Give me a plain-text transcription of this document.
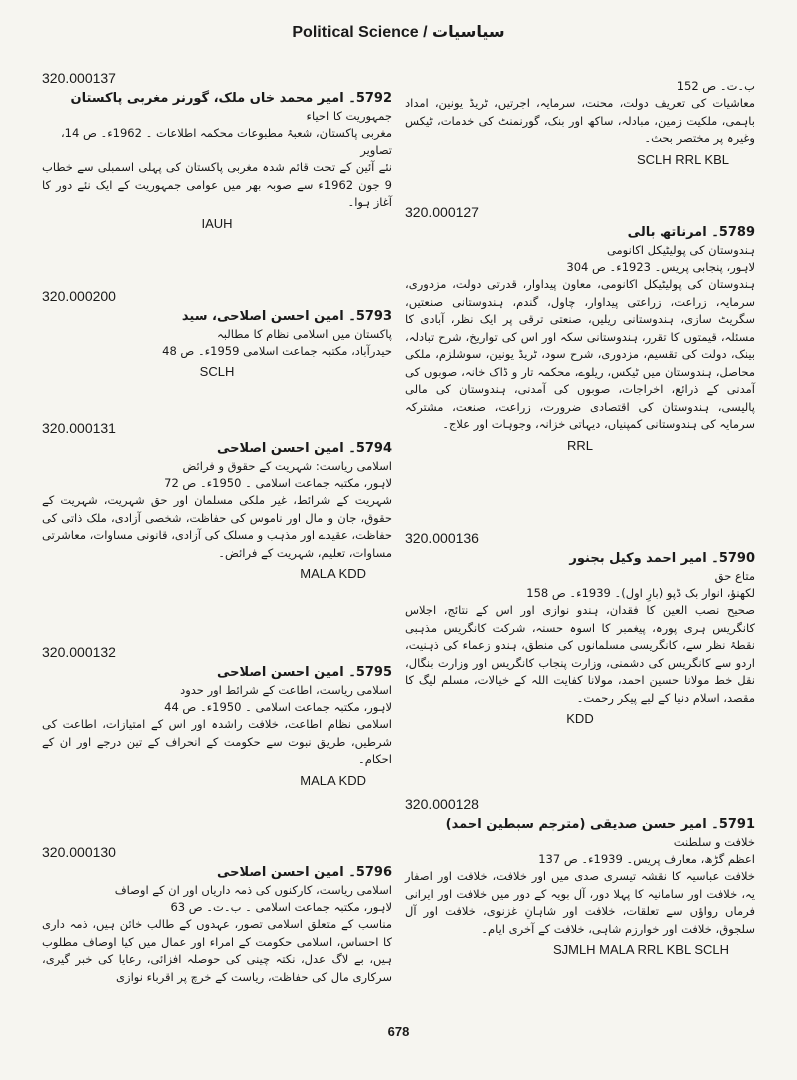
Political Science / سیاسیات
320.000137
5792۔ امیر محمد خاں ملک، گورنر مغربی پاکستان
جمہوریت کا احیاء
مغربی پاکستان، شعبۂ مطبوعات محکمہ اطلاعات ۔ 1962ء۔ ص 14،
تصاویر
نئے آئین کے تحت قائم شدہ مغربی پاکستان کی پہلی اسمبلی سے خطاب 9 جون 1962ء سے صوبہ بھر میں عوامی جمہوریت کے ایک نئے دور کا آغاز ہوا۔
IAUH
320.000200
5793۔ امین احسن اصلاحی، سید
پاکستان میں اسلامی نظام کا مطالبہ
حیدرآباد، مکتبہ جماعت اسلامی 1959ء۔ ص 48
SCLH
320.000131
5794۔ امین احسن اصلاحی
اسلامی ریاست: شہریت کے حقوق و فرائض
لاہور، مکتبہ جماعت اسلامی ۔ 1950ء۔ ص 72
شہریت کے شرائط، غیر ملکی مسلمان اور حق شہریت، شہریت کے حقوق، جان و مال اور ناموس کی حفاظت، شخصی آزادی، ملک ذاتی کی حفاظت، عقیدے اور مذہب و مسلک کی آزادی، قانونی مساوات، معاشرتی مساوات، تعلیم، شہریت کے فرائض۔
MALA KDD
320.000132
5795۔ امین احسن اصلاحی
اسلامی ریاست، اطاعت کے شرائط اور حدود
لاہور، مکتبہ جماعت اسلامی ۔ 1950ء۔ ص 44
اسلامی نظام اطاعت، خلافت راشدہ اور اس کے امتیازات، اطاعت کی شرطیں، طریق نبوت سے حکومت کے انحراف کے تین درجے اور ان کے احکام۔
MALA KDD
320.000130
5796۔ امین احسن اصلاحی
اسلامی ریاست، کارکنوں کی ذمہ داریاں اور ان کے اوصاف
لاہور، مکتبہ جماعت اسلامی ۔ ب۔ت۔ ص 63
مناسب کے متعلق اسلامی تصور، عہدوں کے طالب خائن ہیں، ذمہ داری کا احساس، اسلامی حکومت کے امراء اور عمال میں کیا اوصاف مطلوب ہیں، بے لاگ عدل، نکتہ چینی کی حوصلہ افزائی، رعایا کی خبر گیری، سرکاری مال کی حفاظت، ریاست کے خرچ پر اقرباء نوازی
ب۔ت۔ ص 152
معاشیات کی تعریف دولت، محنت، سرمایہ، اجرتیں، ٹریڈ یونین، امداد باہمی، ملکیت زمین، مبادلہ، ساکھ اور بنک، گورنمنٹ کی خدمات، ٹیکس وغیرہ پر مختصر بحث۔
SCLH RRL KBL
320.000127
5789۔ امرناتھ بالی
ہندوستان کی پولیٹیکل اکانومی
لاہور، پنجابی پریس۔ 1923ء۔ ص 304
ہندوستان کی پولیٹیکل اکانومی، معاون پیداوار، قدرتی دولت، مزدوری، سرمایہ، زراعت، زراعتی پیداوار، چاول، گندم، ہندوستانی صنعتیں، سگریٹ سازی، ہندوستانی ریلیں، صنعتی ترقی پر ایک نظر، آبادی کا مسئلہ، قیمتوں کا تقرر، ہندوستانی سکہ اور اس کی تواریخ، شرح تبادلہ، بینک، دولت کی تقسیم، مزدوری، شرح سود، ٹریڈ یونین، سوشلزم، ملکی محاصل، ہندوستان میں ٹیکس، ریلوے، محکمہ تار و ڈاک خانہ، صوبوں کی آمدنی کے ذرائع، اخراجات، صوبوں کی آمدنی، ہندوستان کی مالی پالیسی، ہندوستان کی اقتصادی ضرورت، زراعت، صنعت، مشترکہ سرمایہ کی ہندوستانی کمپنیاں، دیہاتی خزانہ، وجوہات اور علاج۔
RRL
320.000136
5790۔ امیر احمد وکیل بجنور
متاع حق
لکھنؤ، انوار بک ڈپو (بارِ اول)۔ 1939ء۔ ص 158
صحیح نصب العین کا فقدان، ہندو نوازی اور اس کے نتائج، اجلاس کانگریس ہری پورہ، پیغمبر کا اسوہ حسنہ، شرکت کانگریس مذہبی نقطۂ نظر سے، کانگریسی مسلمانوں کی منطق، ہندو زعماء کی ذہنیت، اردو سے کانگریس کی دشمنی، وزارت پنجاب کانگریس اور وزارت بنگال، نقل خط مولانا حسین احمد، مولانا کفایت اللہ کے خیالات، مسلم لیگ کا مقصد، اسلام دنیا کے لیے پیکر رحمت۔
KDD
320.000128
5791۔ امیر حسن صدیقی (مترجم سبطین احمد)
خلافت و سلطنت
اعظم گڑھ، معارف پریس۔ 1939ء۔ ص 137
خلافت عباسیہ کا نقشہ تیسری صدی میں اور خلافت، خلافت اور اصفار یہ، خلافت اور سامانیہ کا پہلا دور، آل بویہ کے دور میں خلافت اور ایرانی فرماں رواؤں سے تعلقات، خلافت اور شاہانِ غزنوی، خلافت اور آل سلجوق، خلافت اور خوارزم شاہی، خلافت کے آخری ایام۔
SJMLH MALA RRL KBL SCLH
678
